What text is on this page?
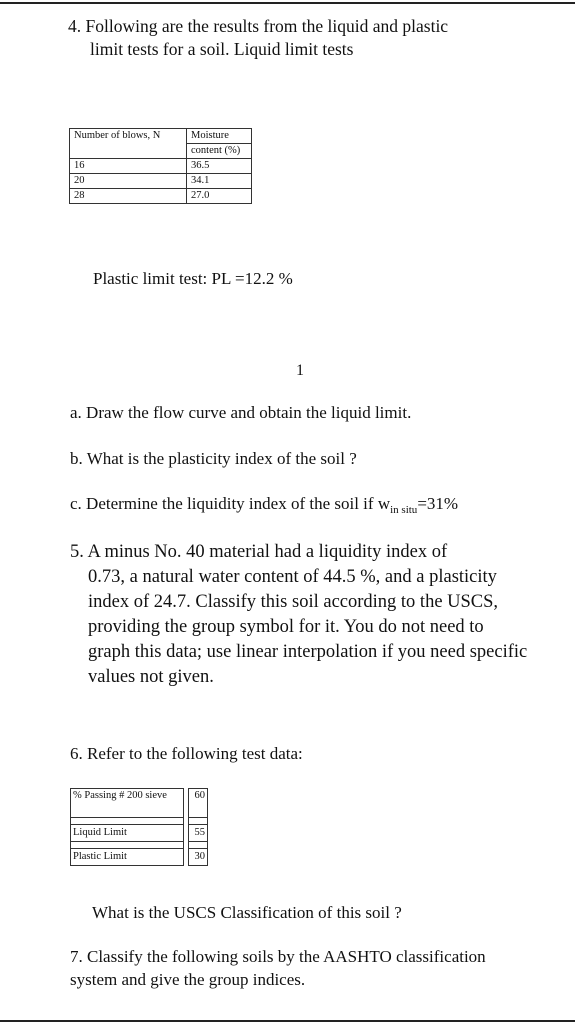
4. Following are the results from the liquid and plastic
limit tests for a soil. Liquid limit tests
Number of blows, N	Moisture
	content (%)
16	36.5
20	34.1
28	27.0
Plastic limit test: PL =12.2 %
1
a. Draw the flow curve and obtain the liquid limit.
b. What is the plasticity index of the soil ?
c. Determine the liquidity index of the soil if $w_{in situ}=31\%$
5. A minus No. 40 material had a liquidity index of
0.73, a natural water content of 44.5 %, and a plasticity index of 24.7. Classify this soil according to the USCS, providing the group symbol for it. You do not need to graph this data; use linear interpolation if you need specific values not given.
6. Refer to the following test data:
% Passing # 200 sieve		60

Liquid Limit		55

Plastic Limit		30
What is the USCS Classification of this soil ?
7. Classify the following soils by the AASHTO classification system and give the group indices.
